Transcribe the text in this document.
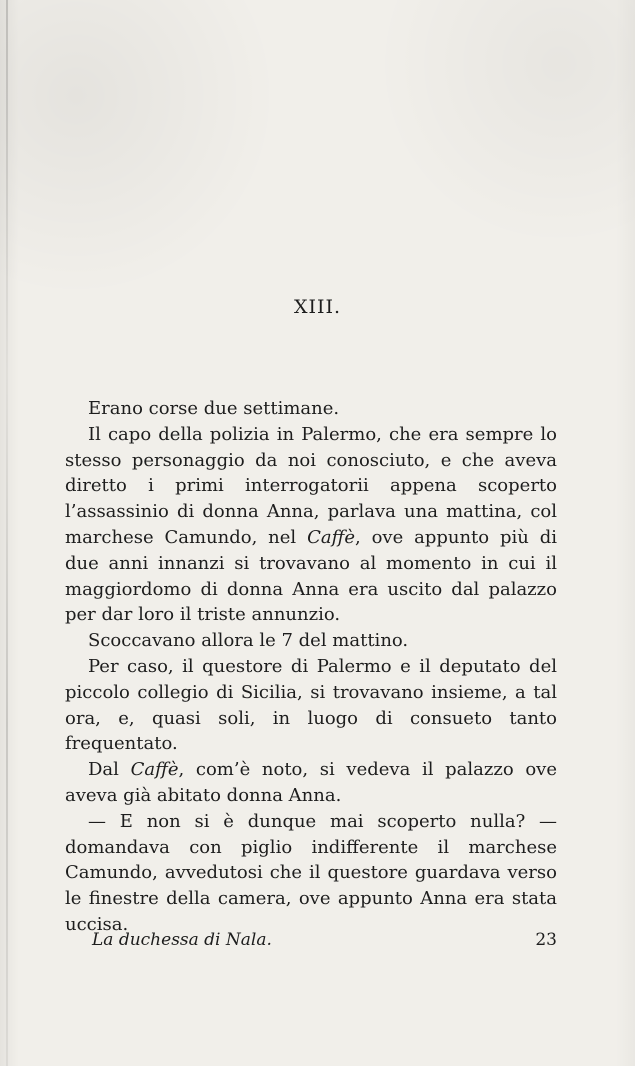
XIII.

Erano corse due settimane.

Il capo della polizia in Palermo, che era sempre lo stesso personaggio da noi conosciuto, e che aveva diretto i primi interrogatorii appena scoperto l’assassinio di donna Anna, parlava una mattina, col marchese Camundo, nel Caffè, ove appunto più di due anni innanzi si trovavano al momento in cui il maggiordomo di donna Anna era uscito dal palazzo per dar loro il triste annunzio.

Scoccavano allora le 7 del mattino.

Per caso, il questore di Palermo e il deputato del piccolo collegio di Sicilia, si trovavano insieme, a tal ora, e, quasi soli, in luogo di consueto tanto frequentato.

Dal Caffè, com’è noto, si vedeva il palazzo ove aveva già abitato donna Anna.

— E non si è dunque mai scoperto nulla? — domandava con piglio indifferente il marchese Camundo, avvedutosi che il questore guardava verso le finestre della camera, ove appunto Anna era stata uccisa.

La duchessa di Nala.	23
